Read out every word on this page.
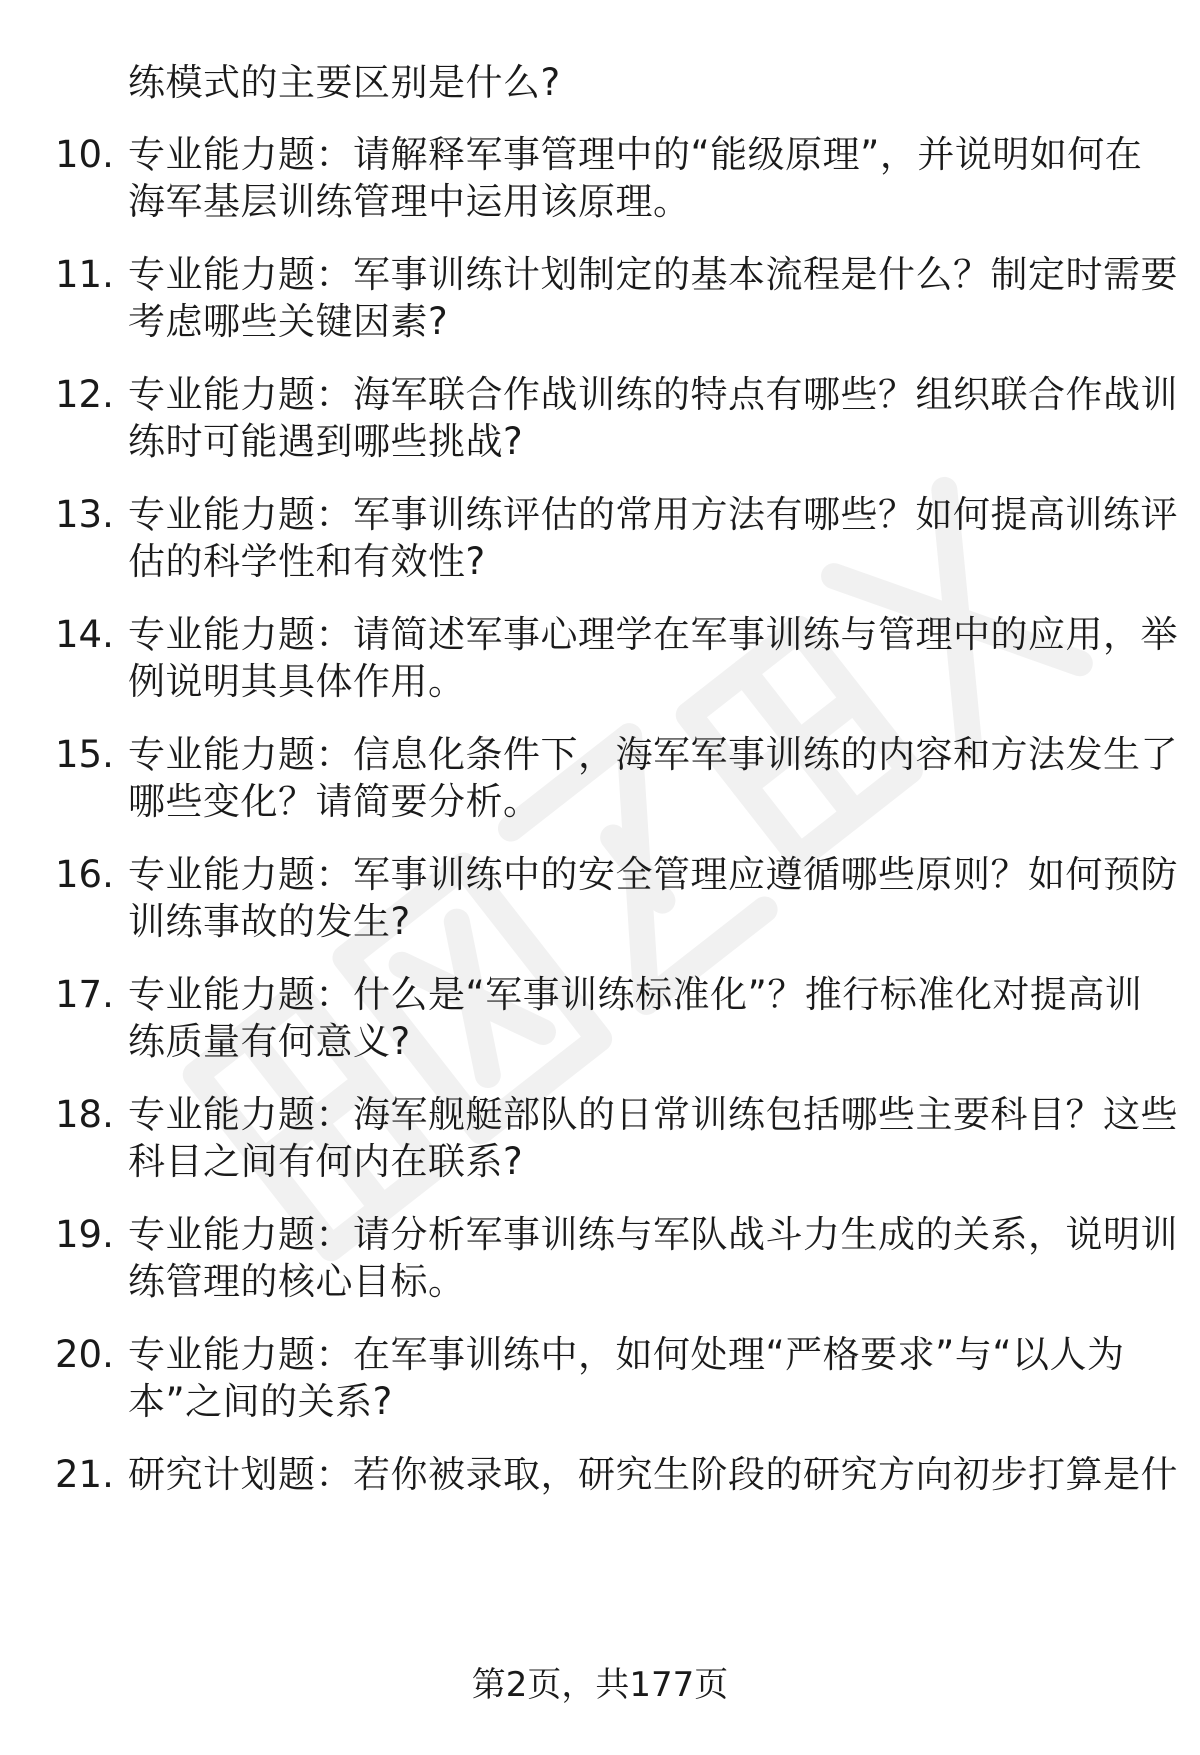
练模式的主要区别是什么?
10. 专业能力题：请解释军事管理中的“能级原理”，并说明如何在
海军基层训练管理中运用该原理。
11. 专业能力题：军事训练计划制定的基本流程是什么？制定时需要
考虑哪些关键因素?
12. 专业能力题：海军联合作战训练的特点有哪些？组织联合作战训
练时可能遇到哪些挑战?
13. 专业能力题：军事训练评估的常用方法有哪些？如何提高训练评
估的科学性和有效性?
14. 专业能力题：请简述军事心理学在军事训练与管理中的应用，举
例说明其具体作用。
15. 专业能力题：信息化条件下，海军军事训练的内容和方法发生了
哪些变化？请简要分析。
16. 专业能力题：军事训练中的安全管理应遵循哪些原则？如何预防
训练事故的发生?
17. 专业能力题：什么是“军事训练标准化”？推行标准化对提高训
练质量有何意义?
18. 专业能力题：海军舰艇部队的日常训练包括哪些主要科目？这些
科目之间有何内在联系?
19. 专业能力题：请分析军事训练与军队战斗力生成的关系，说明训
练管理的核心目标。
20. 专业能力题：在军事训练中，如何处理“严格要求”与“以人为
本”之间的关系?
21. 研究计划题：若你被录取，研究生阶段的研究方向初步打算是什
第2页，共177页
